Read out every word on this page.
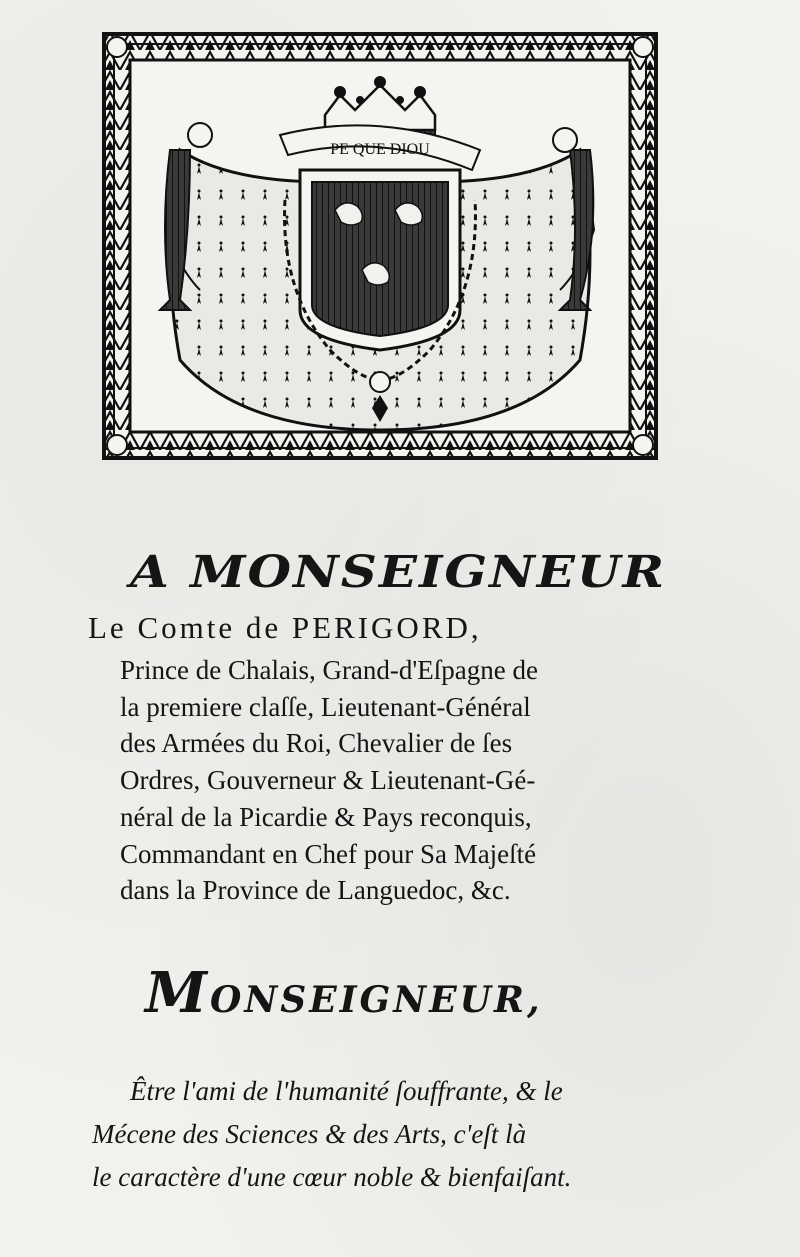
PE QUE DIOU
A MONSEIGNEUR
Le Comte de PERIGORD,
Prince de Chalais, Grand-d'Eſpagne de
la premiere claſſe, Lieutenant-Général
des Armées du Roi, Chevalier de ſes
Ordres, Gouverneur & Lieutenant-Gé-
néral de la Picardie & Pays reconquis,
Commandant en Chef pour Sa Majeſté
dans la Province de Languedoc, &c.
MONSEIGNEUR,
Être l'ami de l'humanité ſouffrante, & le
Mécene des Sciences & des Arts, c'eſt là
le caractère d'une cœur noble & bienfaiſant.
